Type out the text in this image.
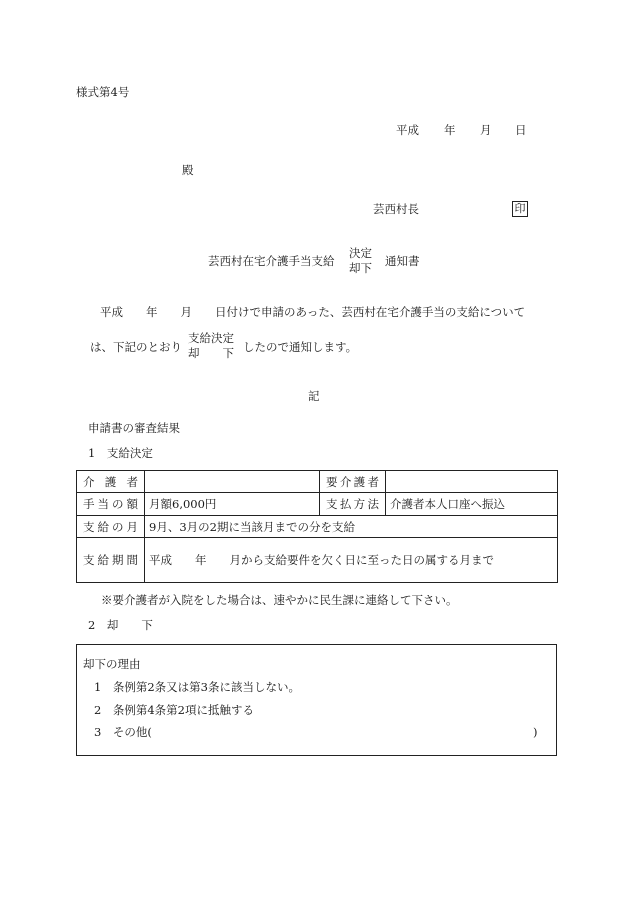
様式第4号
平成 年 月 日
殿
芸西村長	印
芸西村在宅介護手当支給
決定
却下 通知書
平成　　年　　月　　日付けで申請のあった、芸西村在宅介護手当の支給について
は、下記のとおり
支給決定
却　　下 したので通知します。
記
申請書の審査結果
1　支給決定
介護者		要介護者	
手当の額	月額6,000円	支払方法	介護者本人口座へ振込
支給の月	9月、3月の2期に当該月までの分を支給		
支給期間	平成　　年　　月から支給要件を欠く日に至った日の属する月まで		
※要介護者が入院をした場合は、速やかに民生課に連絡して下さい。
2　却　　下
却下の理由
1　条例第2条又は第3条に該当しない。
2　条例第4条第2項に抵触する
3　その他(	)
